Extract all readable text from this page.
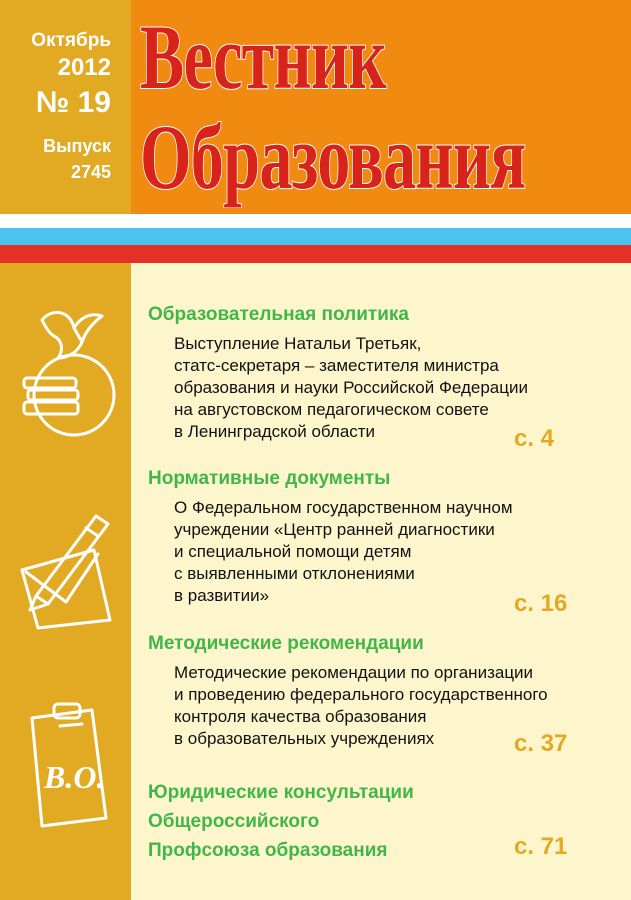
Октябрь
2012
№ 19
Выпуск
2745
Вестник
Образования
В.О.
Образовательная политика
Выступление Натальи Третьяк,
статс-секретаря – заместителя министра
образования и науки Российской Федерации
на августовском педагогическом совете
в Ленинградской области	с. 4
Нормативные документы
О Федеральном государственном научном
учреждении «Центр ранней диагностики
и специальной помощи детям
с выявленными отклонениями
в развитии»	с. 16
Методические рекомендации
Методические рекомендации по организации
и проведению федерального государственного
контроля качества образования
в образовательных учреждениях	с. 37
Юридические консультации
Общероссийского
Профсоюза образования	с. 71
